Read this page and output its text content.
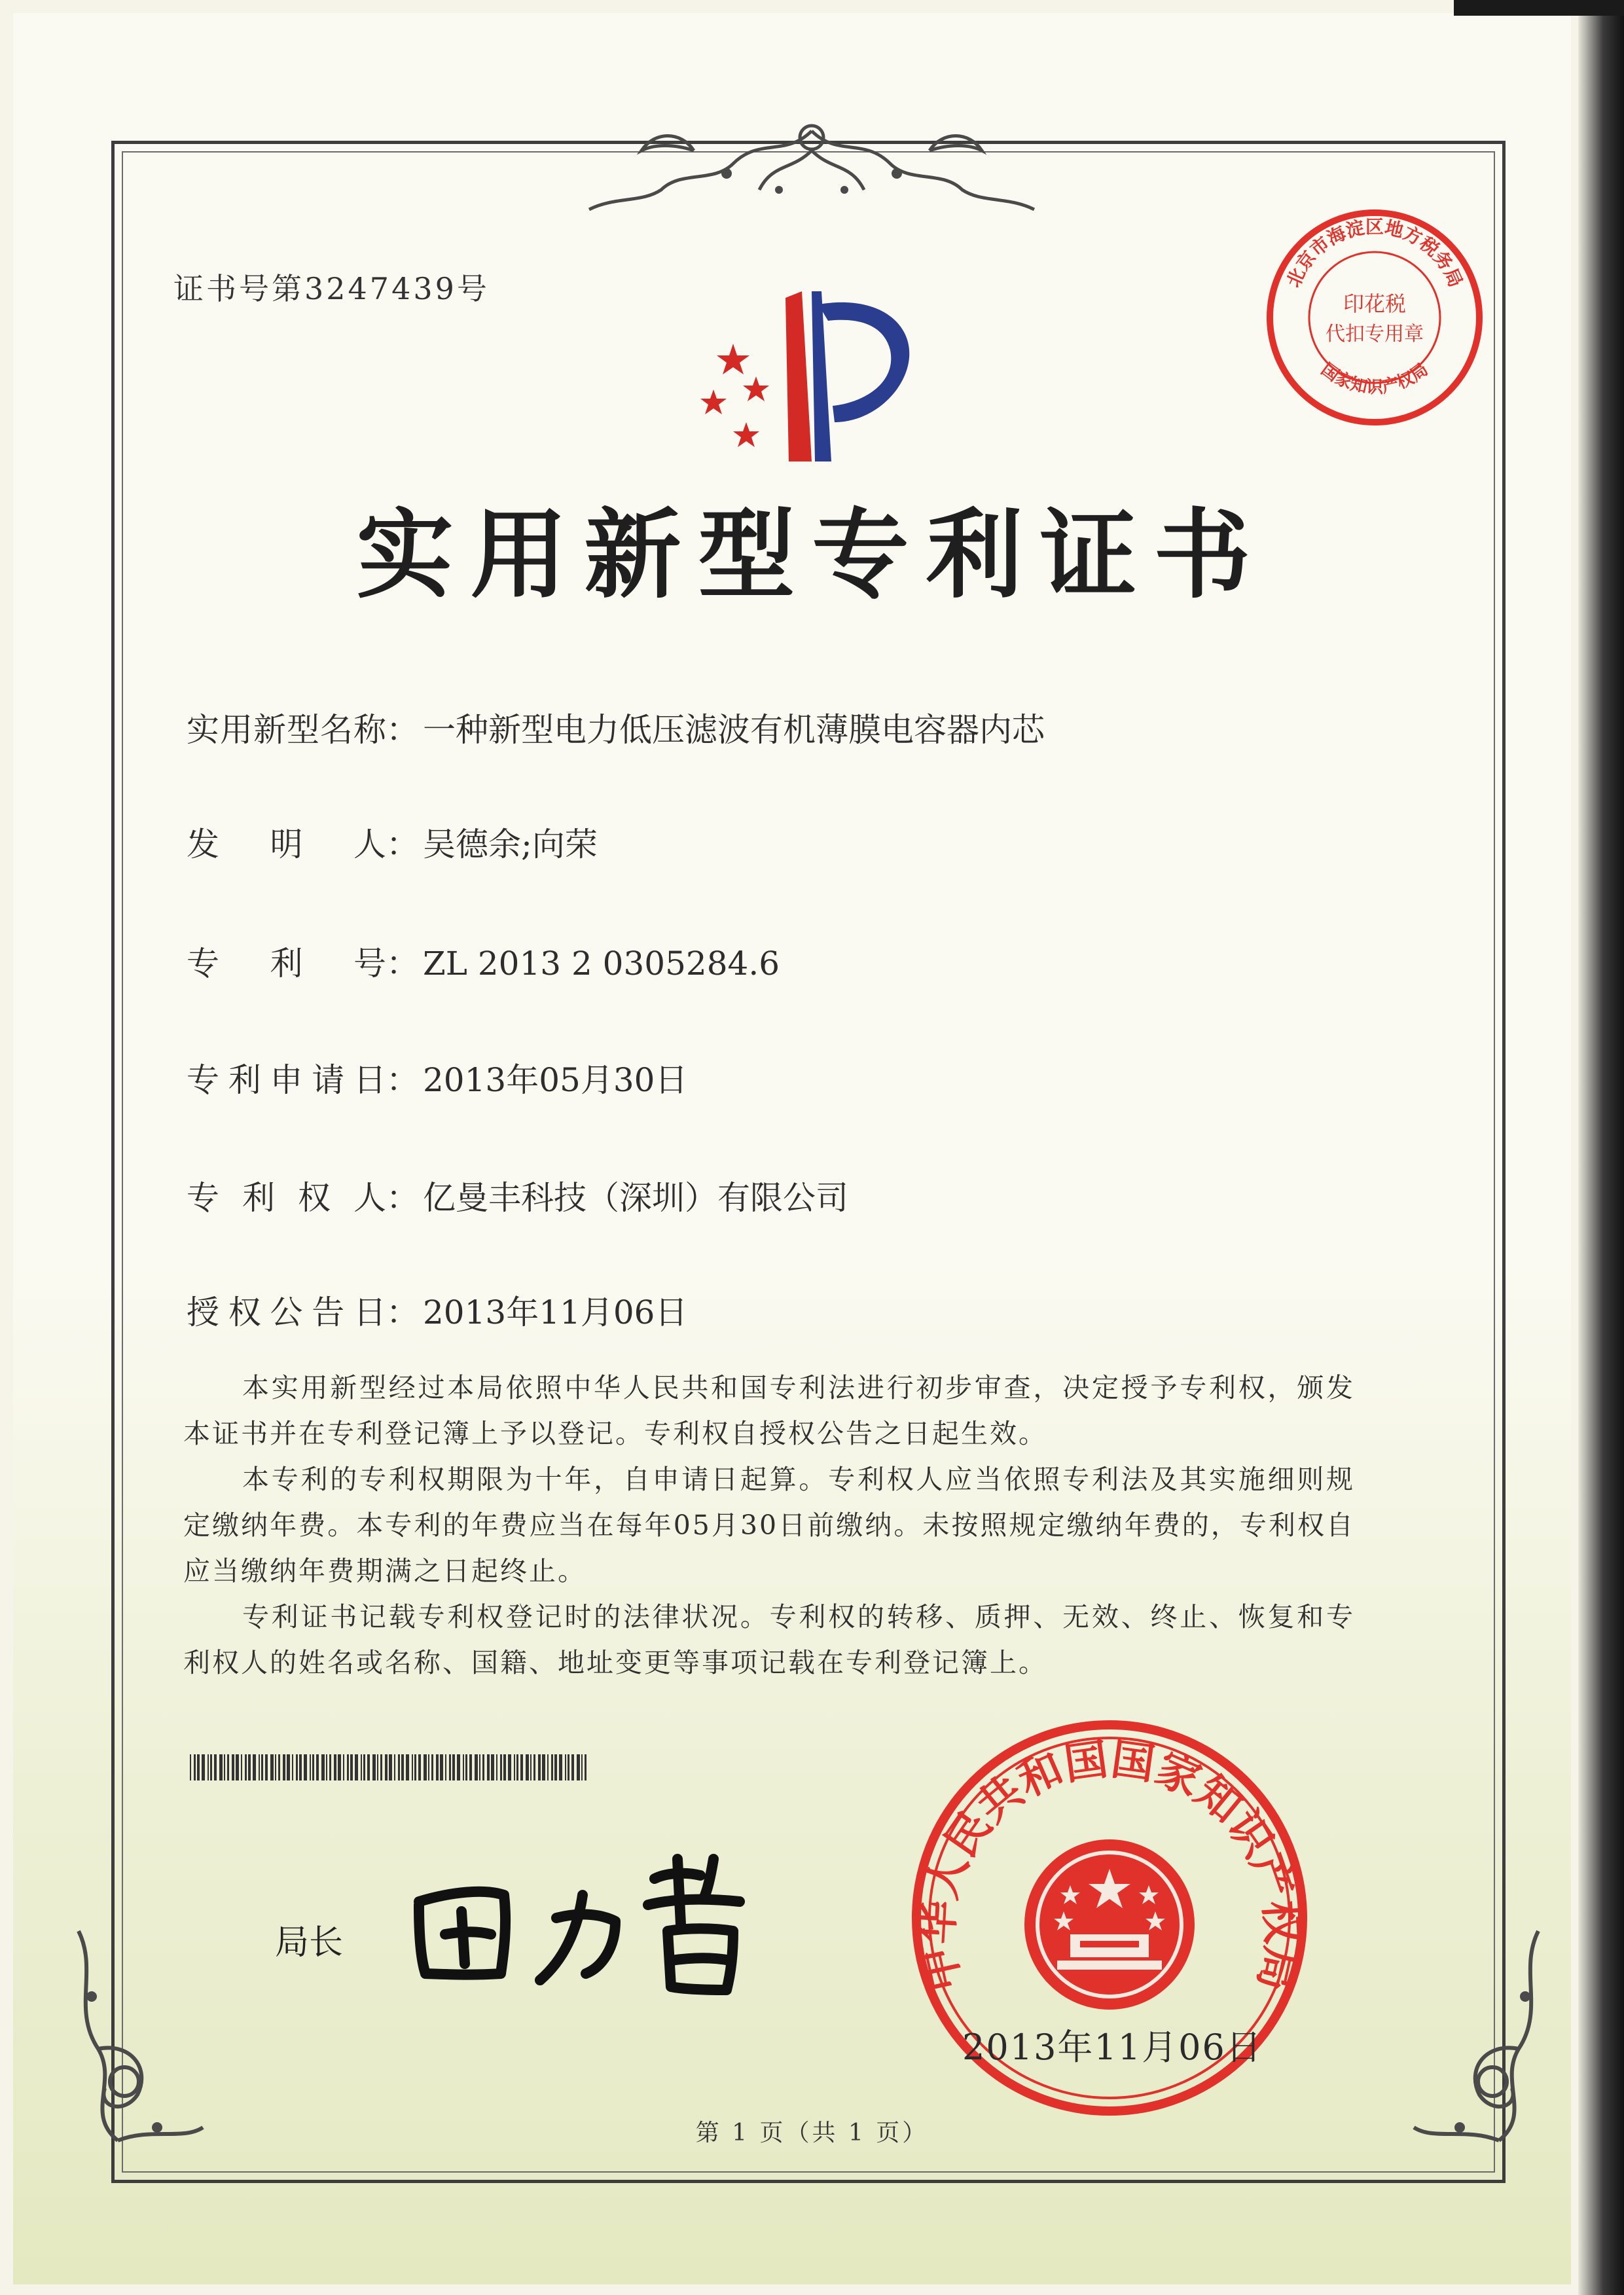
证书号第3247439号	北京市海淀区地方税务局
国家知识产权局
印花税
代扣专用章
实用新型专利证书
实用新型名称： 一种新型电力低压滤波有机薄膜电容器内芯
发明人： 吴德余;向荣
专利号： ZL 2013 2 0305284.6
专利申请日： 2013年05月30日
专利权人： 亿曼丰科技（深圳）有限公司
授权公告日： 2013年11月06日

本实用新型经过本局依照中华人民共和国专利法进行初步审查，决定授予专利权，颁发本证书并在专利登记簿上予以登记。专利权自授权公告之日起生效。

本专利的专利权期限为十年，自申请日起算。专利权人应当依照专利法及其实施细则规定缴纳年费。本专利的年费应当在每年05月30日前缴纳。未按照规定缴纳年费的，专利权自应当缴纳年费期满之日起终止。

专利证书记载专利权登记时的法律状况。专利权的转移、质押、无效、终止、恢复和专利权人的姓名或名称、国籍、地址变更等事项记载在专利登记簿上。

局长	中华人民共和国国家知识产权局
2013年11月06日
第 1 页（共 1 页）
